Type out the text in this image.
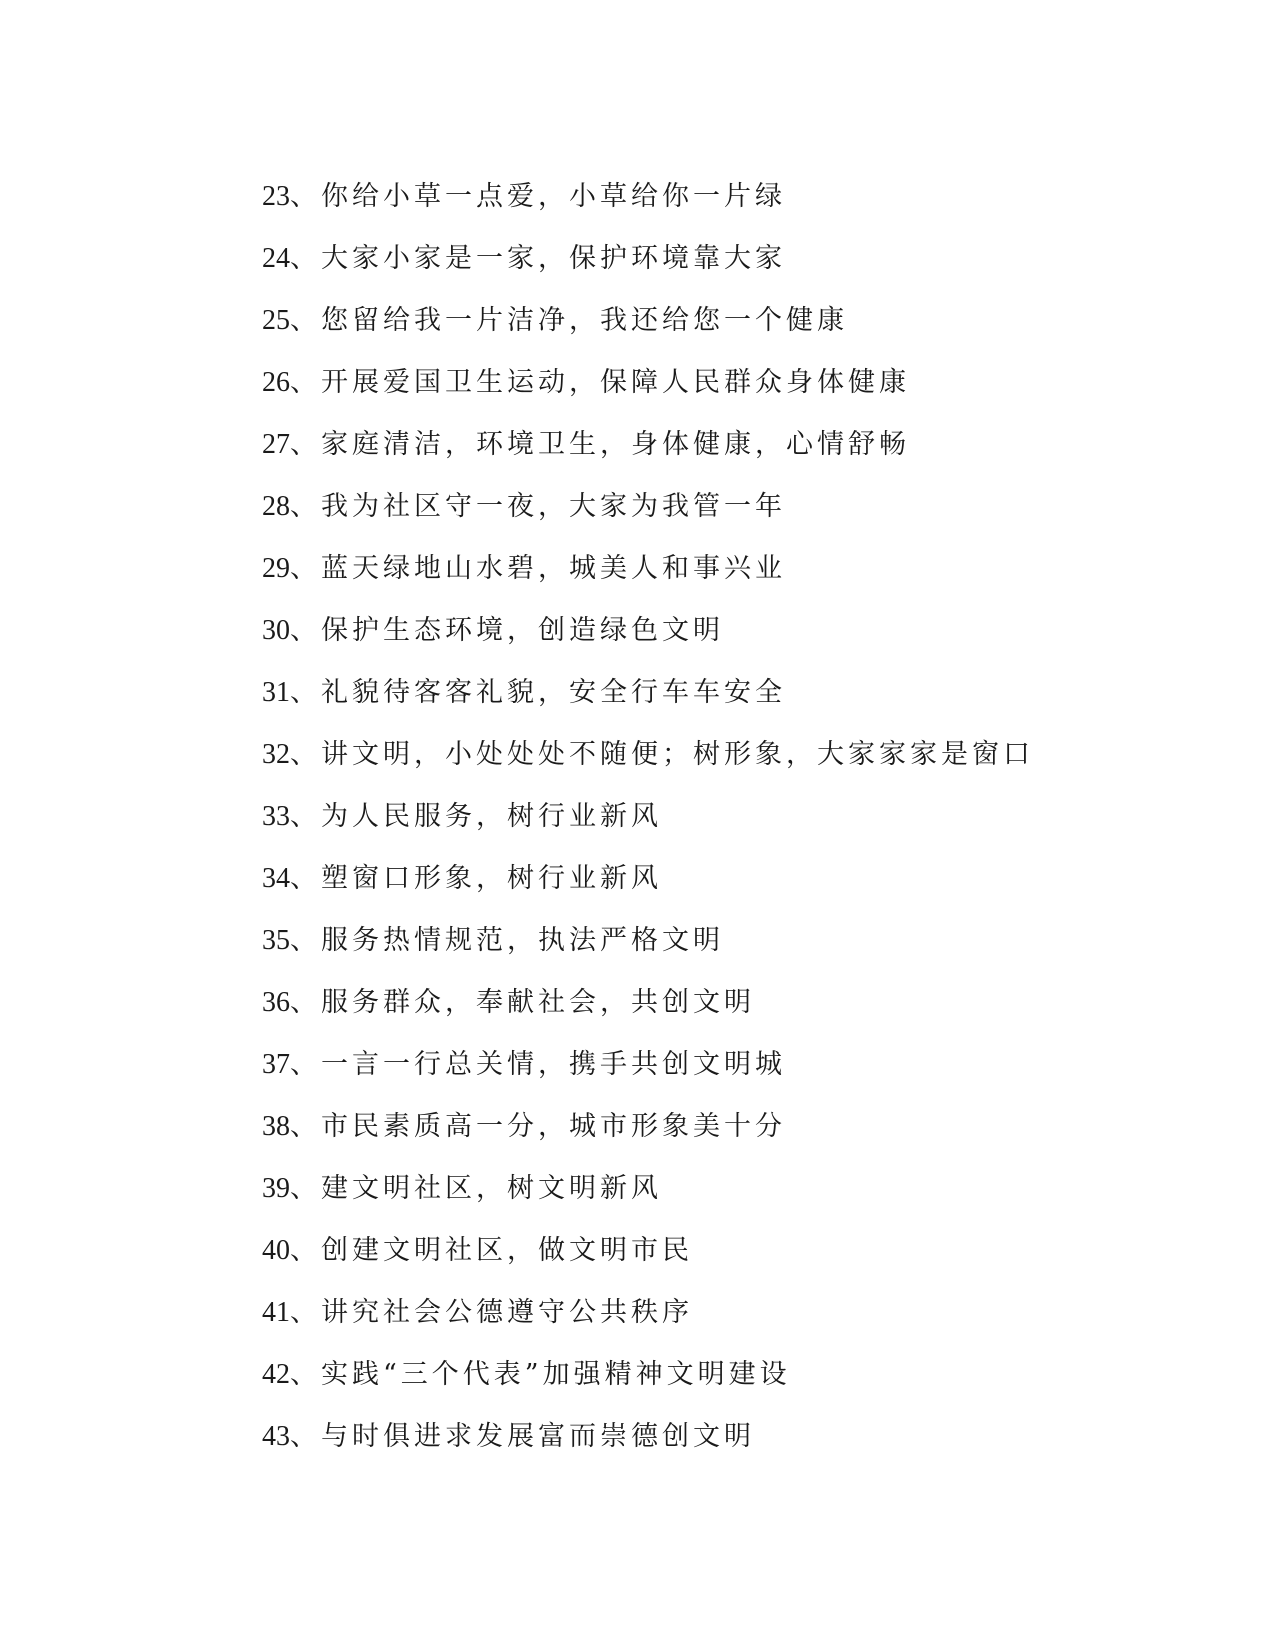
23 、 你给小草一点爱，小草给你一片绿
24 、 大家小家是一家，保护环境靠大家
25 、 您留给我一片洁净，我还给您一个健康
26 、 开展爱国卫生运动，保障人民群众身体健康
27 、 家庭清洁，环境卫生，身体健康，心情舒畅
28 、 我为社区守一夜，大家为我管一年
29 、 蓝天绿地山水碧，城美人和事兴业
30 、 保护生态环境，创造绿色文明
31 、 礼貌待客客礼貌，安全行车车安全
32 、 讲文明，小处处处不随便；树形象，大家家家是窗口
33 、 为人民服务，树行业新风
34 、 塑窗口形象，树行业新风
35 、 服务热情规范，执法严格文明
36 、 服务群众，奉献社会，共创文明
37 、 一言一行总关情，携手共创文明城
38 、 市民素质高一分，城市形象美十分
39 、 建文明社区，树文明新风
40 、 创建文明社区，做文明市民
41 、 讲究社会公德遵守公共秩序
42 、 实践“三个代表”加强精神文明建设
43 、 与时俱进求发展富而崇德创文明
